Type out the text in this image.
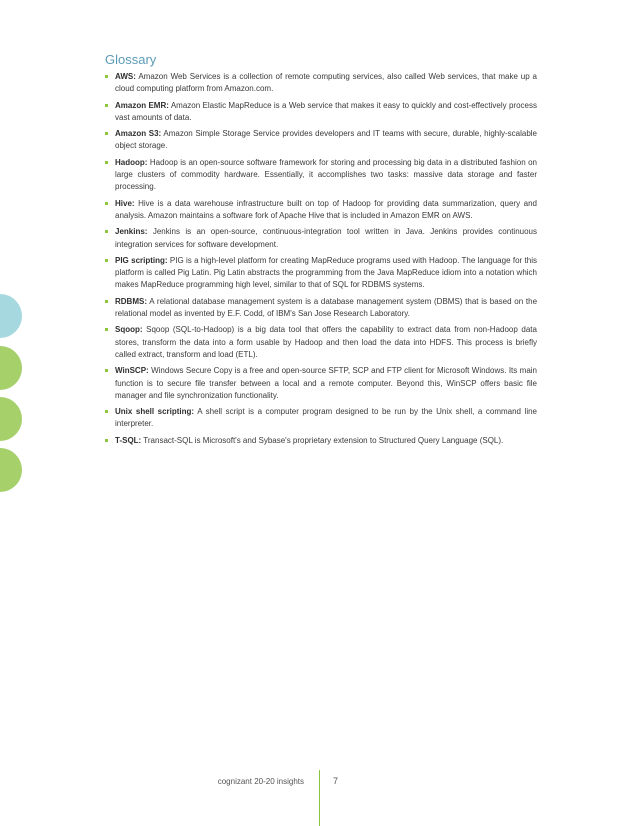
Glossary
AWS: Amazon Web Services is a collection of remote computing services, also called Web services, that make up a cloud computing platform from Amazon.com.
Amazon EMR: Amazon Elastic MapReduce is a Web service that makes it easy to quickly and cost-effectively process vast amounts of data.
Amazon S3: Amazon Simple Storage Service provides developers and IT teams with secure, durable, highly-scalable object storage.
Hadoop: Hadoop is an open-source software framework for storing and processing big data in a distributed fashion on large clusters of commodity hardware. Essentially, it accomplishes two tasks: massive data storage and faster processing.
Hive: Hive is a data warehouse infrastructure built on top of Hadoop for providing data summarization, query and analysis. Amazon maintains a software fork of Apache Hive that is included in Amazon EMR on AWS.
Jenkins: Jenkins is an open-source, continuous-integration tool written in Java. Jenkins provides continuous integration services for software development.
PIG scripting: PIG is a high-level platform for creating MapReduce programs used with Hadoop. The language for this platform is called Pig Latin. Pig Latin abstracts the programming from the Java MapReduce idiom into a notation which makes MapReduce programming high level, similar to that of SQL for RDBMS systems.
RDBMS: A relational database management system is a database management system (DBMS) that is based on the relational model as invented by E.F. Codd, of IBM's San Jose Research Laboratory.
Sqoop: Sqoop (SQL-to-Hadoop) is a big data tool that offers the capability to extract data from non-Hadoop data stores, transform the data into a form usable by Hadoop and then load the data into HDFS. This process is briefly called extract, transform and load (ETL).
WinSCP: Windows Secure Copy is a free and open-source SFTP, SCP and FTP client for Microsoft Windows. Its main function is to secure file transfer between a local and a remote computer. Beyond this, WinSCP offers basic file manager and file synchronization functionality.
Unix shell scripting: A shell script is a computer program designed to be run by the Unix shell, a command line interpreter.
T-SQL: Transact-SQL is Microsoft's and Sybase's proprietary extension to Structured Query Language (SQL).
cognizant 20-20 insights	7
